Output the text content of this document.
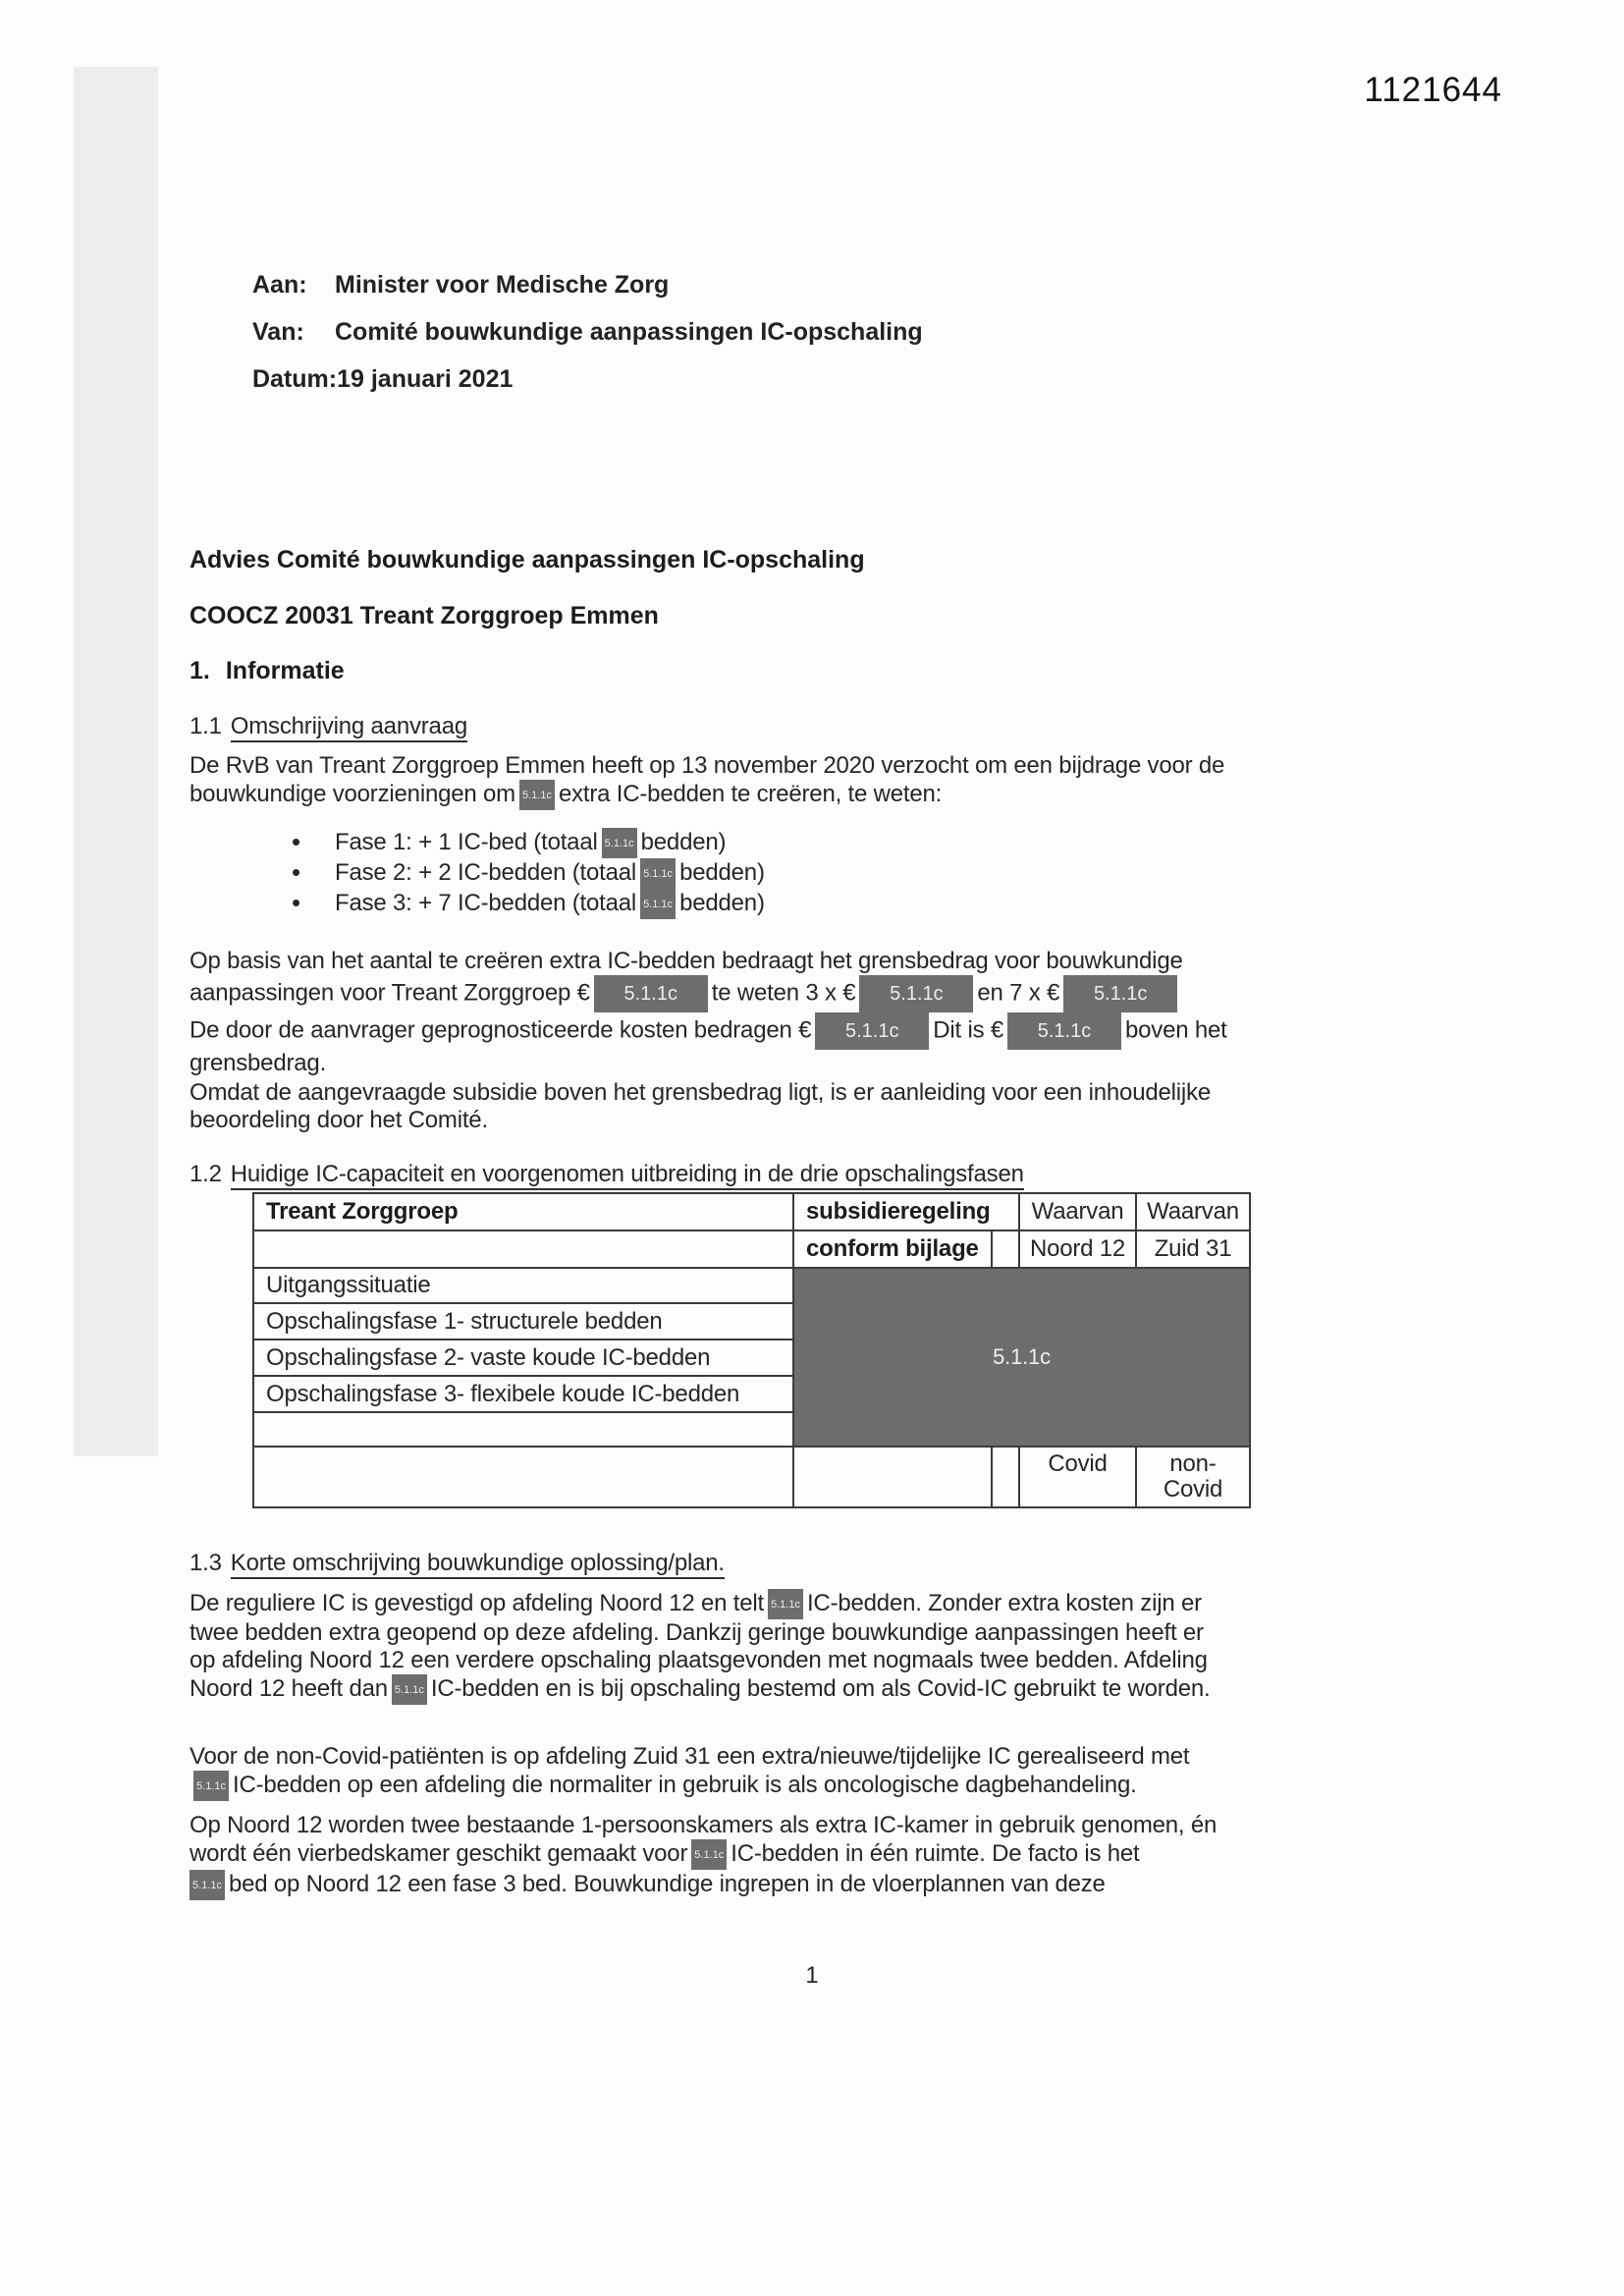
1121644
Aan:	Minister voor Medische Zorg
Van:	Comité bouwkundige aanpassingen IC-opschaling
Datum: 19 januari 2021
Advies Comité bouwkundige aanpassingen IC-opschaling
COOCZ 20031 Treant Zorggroep Emmen
1. Informatie
1.1 Omschrijving aanvraag

De RvB van Treant Zorggroep Emmen heeft op 13 november 2020 verzocht om een bijdrage voor de bouwkundige voorzieningen om 5.1.1c extra IC-bedden te creëren, te weten:

• Fase 1: + 1 IC-bed (totaal 5.1.1c bedden)
• Fase 2: + 2 IC-bedden (totaal 5.1.1c bedden)
• Fase 3: + 7 IC-bedden (totaal 5.1.1c bedden)

Op basis van het aantal te creëren extra IC-bedden bedraagt het grensbedrag voor bouwkundige aanpassingen voor Treant Zorggroep € 5.1.1c te weten 3 x € 5.1.1c en 7 x € 5.1.1c
De door de aanvrager geprognosticeerde kosten bedragen € 5.1.1c Dit is € 5.1.1c boven het grensbedrag.

Omdat de aangevraagde subsidie boven het grensbedrag ligt, is er aanleiding voor een inhoudelijke beoordeling door het Comité.

1.2 Huidige IC-capaciteit en voorgenomen uitbreiding in de drie opschalingsfasen
Treant Zorggroep	subsidieregeling		Waarvan	Waarvan
	conform bijlage		Noord 12	Zuid 31
Uitgangssituatie	5.1.1c			
Opschalingsfase 1- structurele bedden				
Opschalingsfase 2- vaste koude IC-bedden				
Opschalingsfase 3- flexibele koude IC-bedden				

			Covid	non-Covid
1.3 Korte omschrijving bouwkundige oplossing/plan.

De reguliere IC is gevestigd op afdeling Noord 12 en telt 5.1.1c IC-bedden. Zonder extra kosten zijn er twee bedden extra geopend op deze afdeling. Dankzij geringe bouwkundige aanpassingen heeft er op afdeling Noord 12 een verdere opschaling plaatsgevonden met nogmaals twee bedden. Afdeling Noord 12 heeft dan 5.1.1c IC-bedden en is bij opschaling bestemd om als Covid-IC gebruikt te worden.

Voor de non-Covid-patiënten is op afdeling Zuid 31 een extra/nieuwe/tijdelijke IC gerealiseerd met5.1.1c IC-bedden op een afdeling die normaliter in gebruik is als oncologische dagbehandeling.

Op Noord 12 worden twee bestaande 1-persoonskamers als extra IC-kamer in gebruik genomen, én wordt één vierbedskamer geschikt gemaakt voor 5.1.1c IC-bedden in één ruimte. De facto is het
5.1.1c bed op Noord 12 een fase 3 bed. Bouwkundige ingrepen in de vloerplannen van deze

1
